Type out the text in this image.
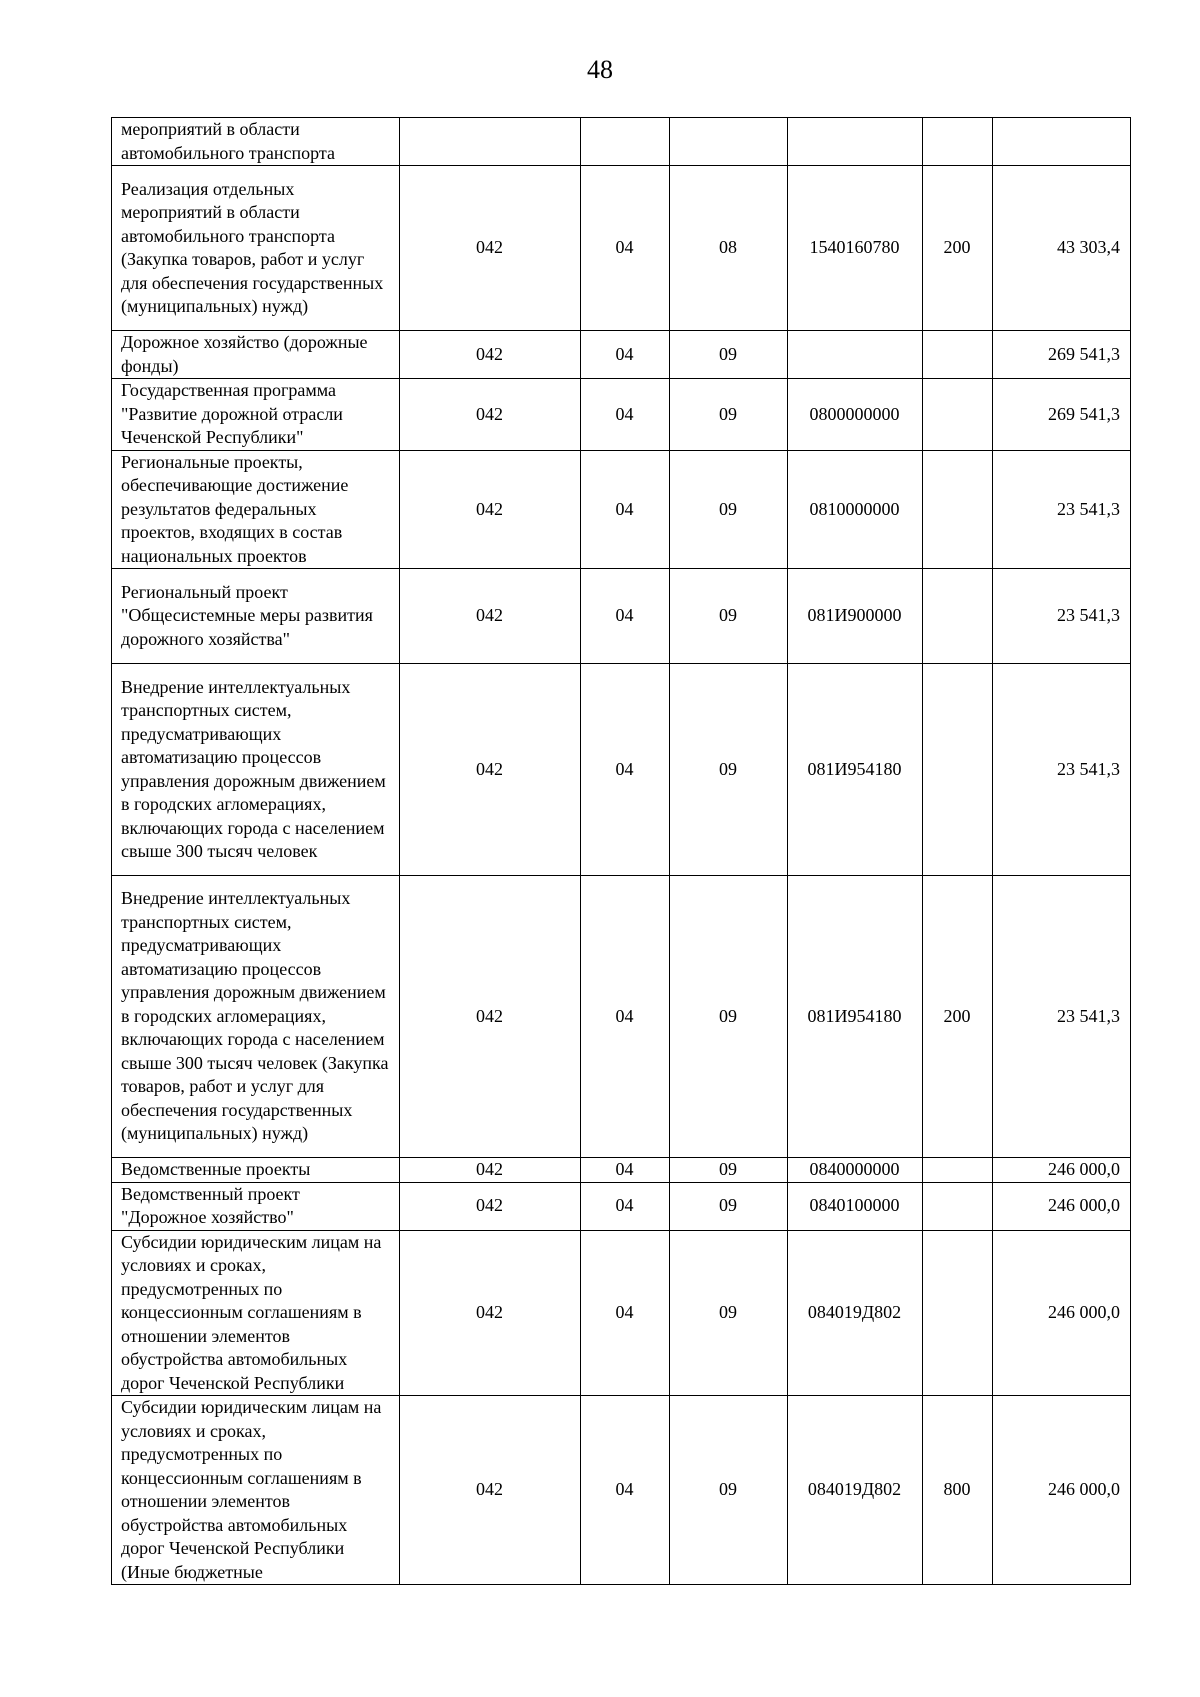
48
мероприятий в области автомобильного транспорта						
Реализация отдельных мероприятий в области автомобильного транспорта (Закупка товаров, работ и услуг для обеспечения государственных (муниципальных) нужд)	042	04	08	1540160780	200	43 303,4
Дорожное хозяйство (дорожные фонды)	042	04	09			269 541,3
Государственная программа "Развитие дорожной отрасли Чеченской Республики"	042	04	09	0800000000		269 541,3
Региональные проекты, обеспечивающие достижение результатов федеральных проектов, входящих в состав национальных проектов	042	04	09	0810000000		23 541,3
Региональный проект "Общесистемные меры развития дорожного хозяйства"	042	04	09	081И900000		23 541,3
Внедрение интеллектуальных транспортных систем, предусматривающих автоматизацию процессов управления дорожным движением в городских агломерациях, включающих города с населением свыше 300 тысяч человек	042	04	09	081И954180		23 541,3
Внедрение интеллектуальных транспортных систем, предусматривающих автоматизацию процессов управления дорожным движением в городских агломерациях, включающих города с населением свыше 300 тысяч человек (Закупка товаров, работ и услуг для обеспечения государственных (муниципальных) нужд)	042	04	09	081И954180	200	23 541,3
Ведомственные проекты	042	04	09	0840000000		246 000,0
Ведомственный проект "Дорожное хозяйство"	042	04	09	0840100000		246 000,0
Субсидии юридическим лицам на условиях и сроках, предусмотренных по концессионным соглашениям в отношении элементов обустройства автомобильных дорог Чеченской Республики	042	04	09	084019Д802		246 000,0
Субсидии юридическим лицам на условиях и сроках, предусмотренных по концессионным соглашениям в отношении элементов обустройства автомобильных дорог Чеченской Республики (Иные бюджетные	042	04	09	084019Д802	800	246 000,0
